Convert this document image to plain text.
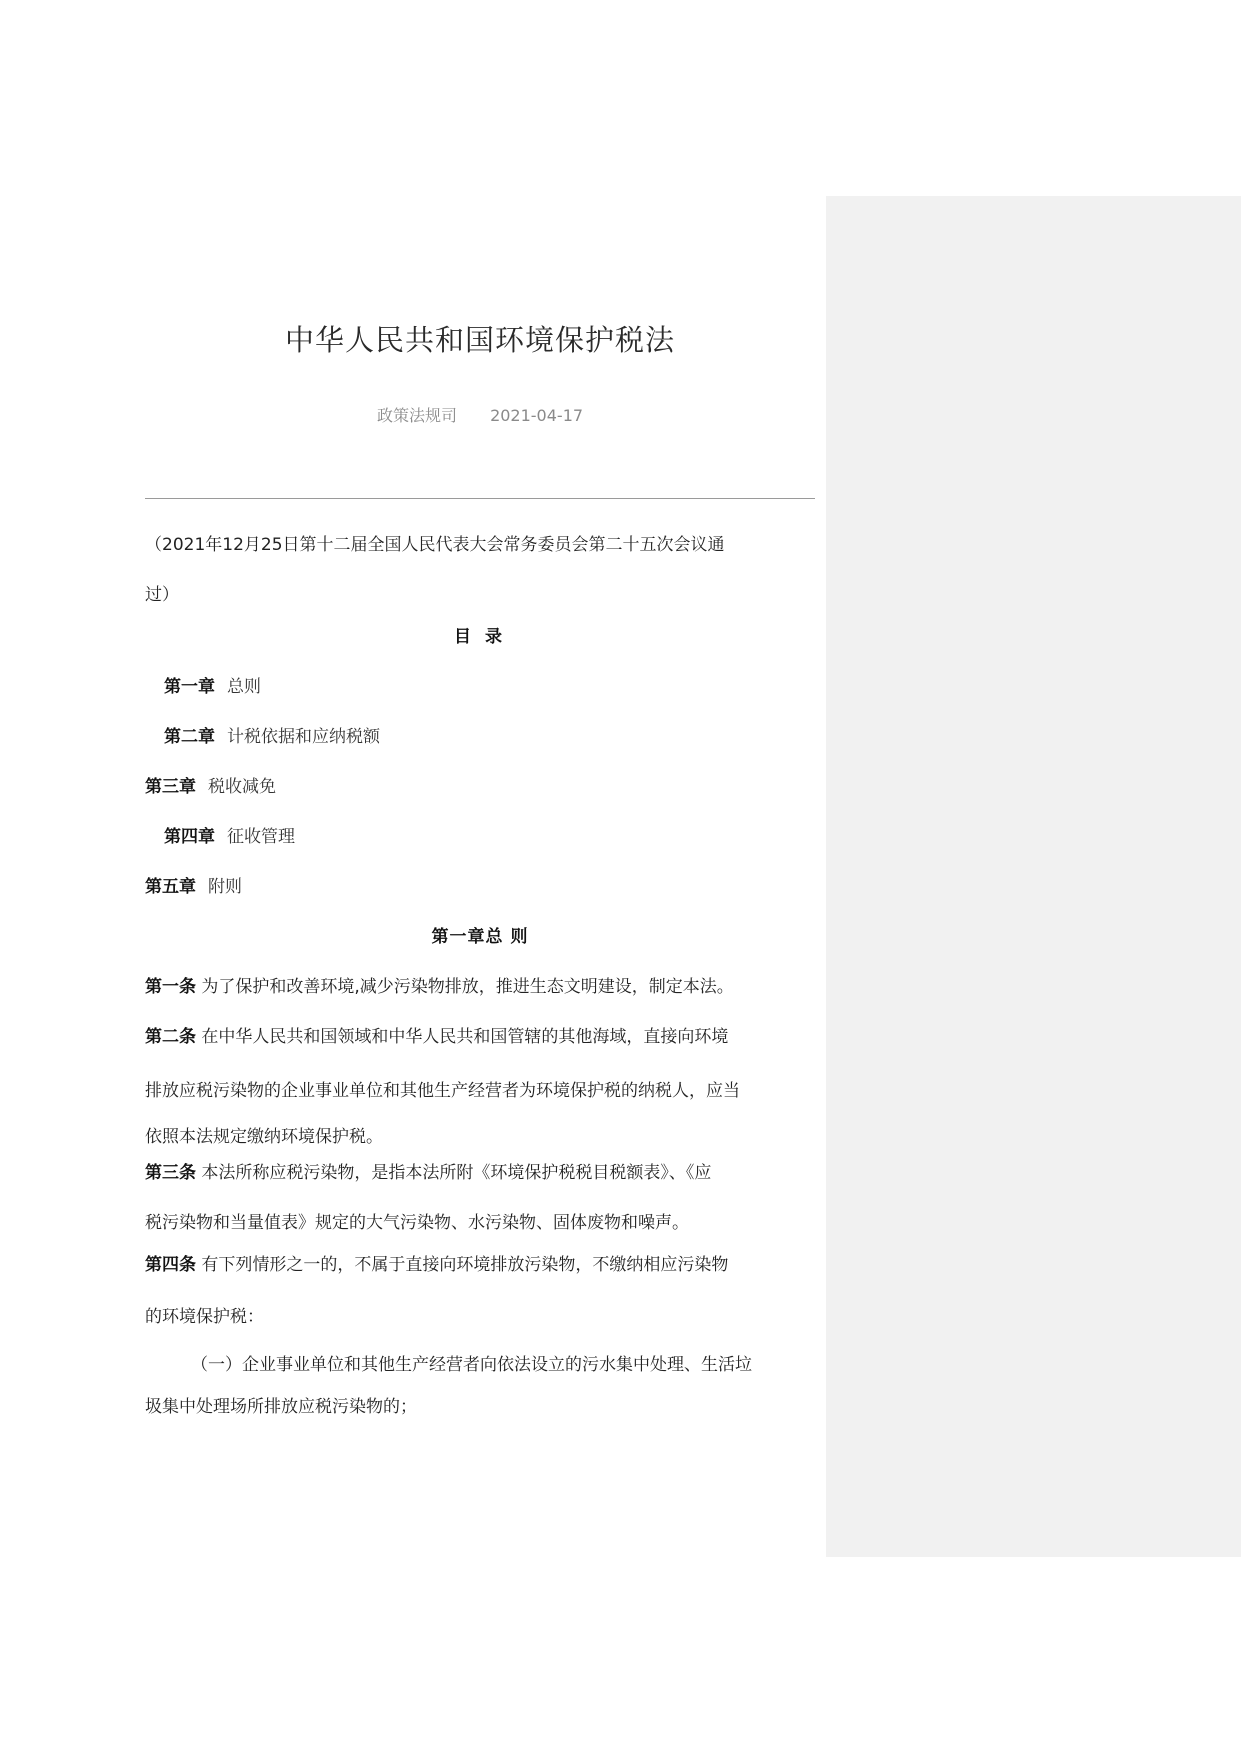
中华人民共和国环境保护税法
政策法规司 2021-04-17
（2021年12月25日第十二届全国人民代表大会常务委员会第二十五次会议通
过）
目 录
第一章 总则
第二章 计税依据和应纳税额
第三章 税收减免
第四章 征收管理
第五章 附则
第一章总 则
第一条 为了保护和改善环境,减少污染物排放，推进生态文明建设，制定本法。
第二条 在中华人民共和国领域和中华人民共和国管辖的其他海域，直接向环境
排放应税污染物的企业事业单位和其他生产经营者为环境保护税的纳税人，应当
依照本法规定缴纳环境保护税。
第三条 本法所称应税污染物，是指本法所附《环境保护税税目税额表》、《应
税污染物和当量值表》规定的大气污染物、水污染物、固体废物和噪声。
第四条 有下列情形之一的，不属于直接向环境排放污染物，不缴纳相应污染物
的环境保护税：
（一）企业事业单位和其他生产经营者向依法设立的污水集中处理、生活垃
圾集中处理场所排放应税污染物的；
